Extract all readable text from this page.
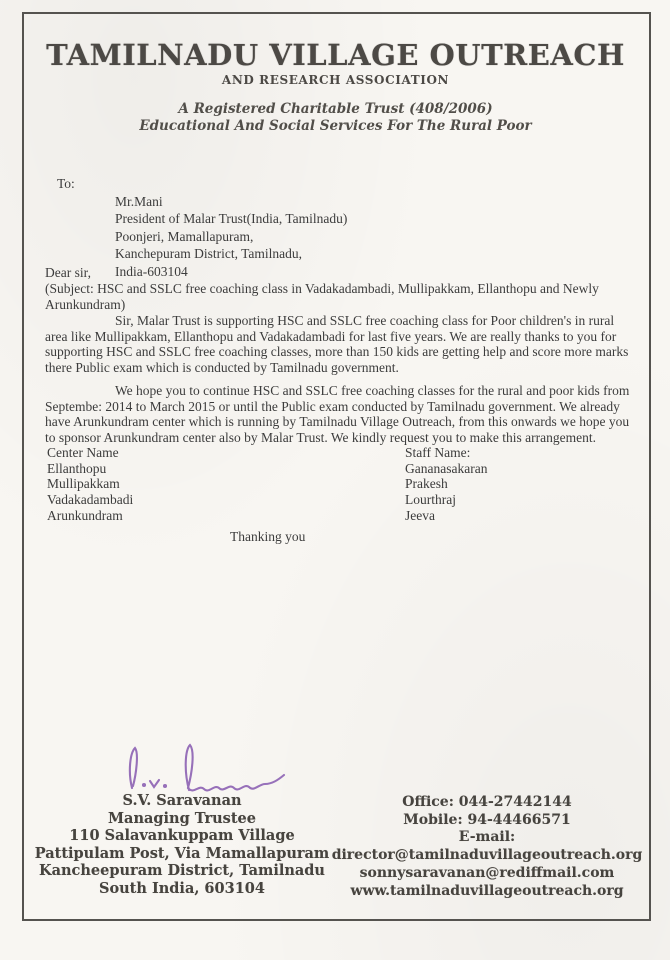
TAMILNADU VILLAGE OUTREACH
AND RESEARCH ASSOCIATION
A Registered Charitable Trust (408/2006)
Educational And Social Services For The Rural Poor
To:
Mr.Mani
President of Malar Trust(India, Tamilnadu)
Poonjeri, Mamallapuram,
Kanchepuram District, Tamilnadu,
India-603104
Dear sir,
(Subject: HSC and SSLC free coaching class in Vadakadambadi, Mullipakkam, Ellanthopu and Newly Arunkundram)
Sir, Malar Trust is supporting HSC and SSLC free coaching class for Poor children's in rural area like Mullipakkam, Ellanthopu and Vadakadambadi for last five years. We are really thanks to you for supporting HSC and SSLC free coaching classes, more than 150 kids are getting help and score more marks there Public exam which is conducted by Tamilnadu government.
We hope you to continue HSC and SSLC free coaching classes for the rural and poor kids from Septembe: 2014 to March 2015 or until the Public exam conducted by Tamilnadu government. We already have Arunkundram center which is running by Tamilnadu Village Outreach, from this onwards we hope you to sponsor Arunkundram center also by Malar Trust. We kindly request you to make this arrangement.
Center Name
Ellanthopu
Mullipakkam
Vadakadambadi
Arunkundram
Staff Name:
Gananasakaran
Prakesh
Lourthraj
Jeeva
Thanking you
S.V. Saravanan
Managing Trustee
110 Salavankuppam Village
Pattipulam Post, Via Mamallapuram
Kancheepuram District, Tamilnadu
South India, 603104
Office: 044-27442144
Mobile: 94-44466571
E-mail:
director@tamilnaduvillageoutreach.org
sonnysaravanan@rediffmail.com
www.tamilnaduvillageoutreach.org
